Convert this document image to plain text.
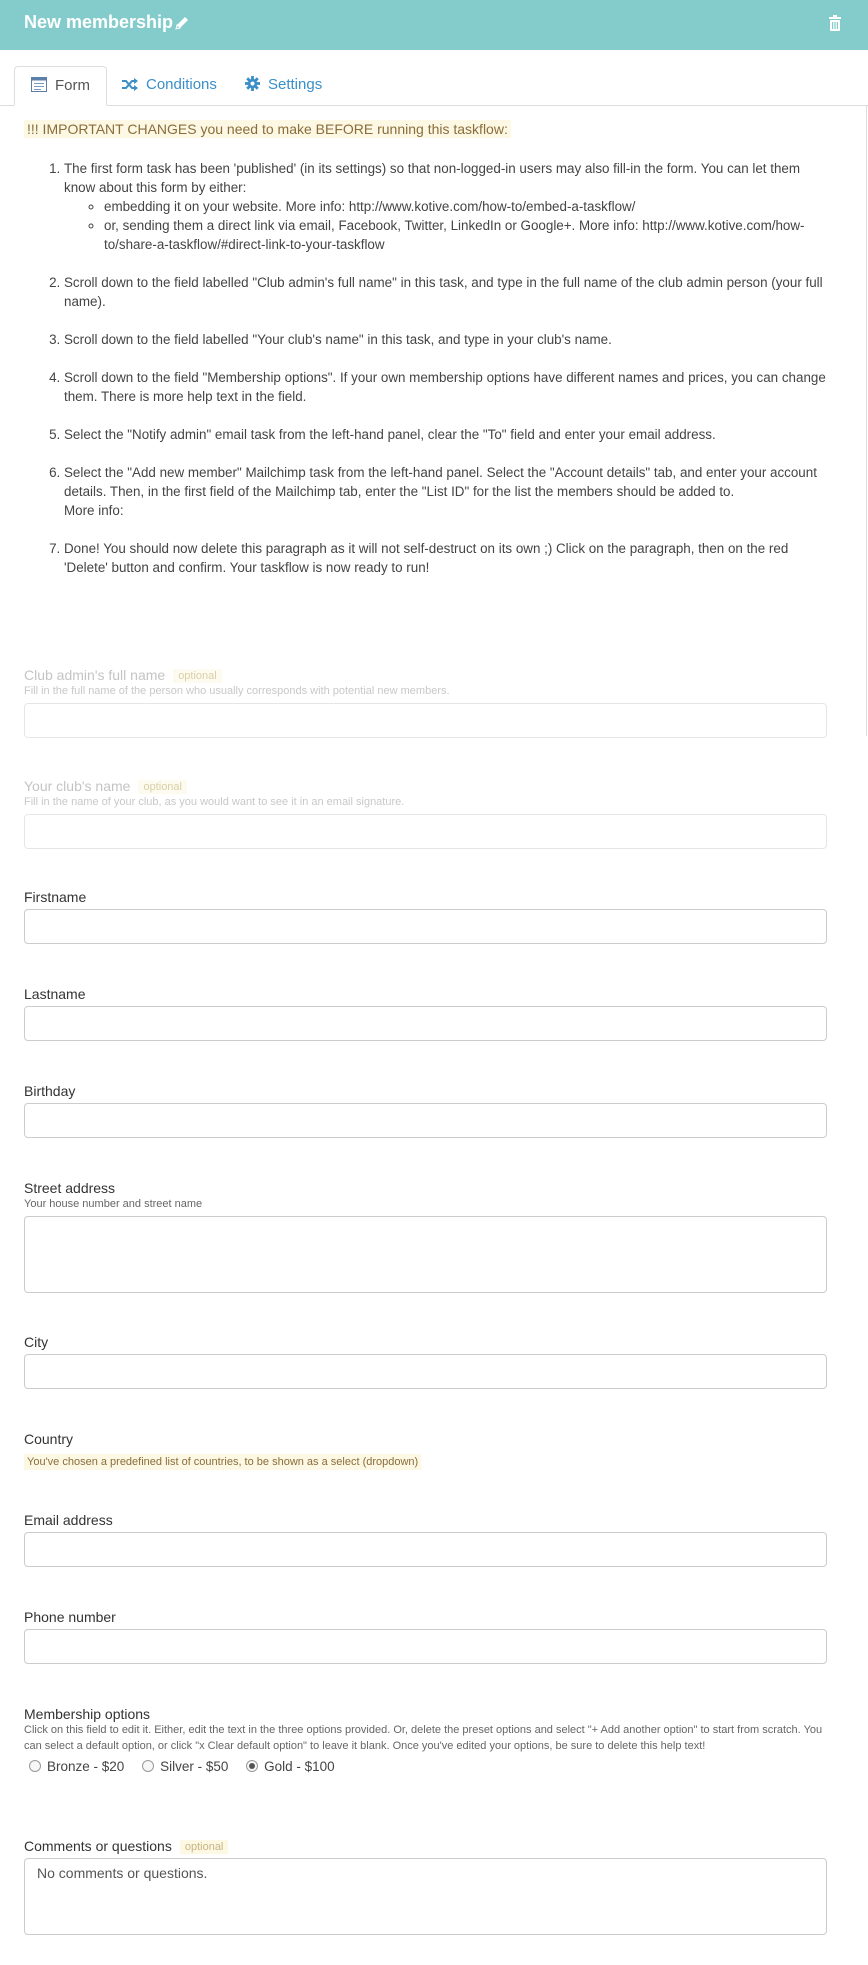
New membership
Form	Conditions	Settings
!!! IMPORTANT CHANGES you need to make BEFORE running this taskflow:
1. The first form task has been 'published' (in its settings) so that non-logged-in users may also fill-in the form. You can let them know about this form by either:
◦ embedding it on your website. More info: http://www.kotive.com/how-to/embed-a-taskflow/
◦ or, sending them a direct link via email, Facebook, Twitter, LinkedIn or Google+. More info: http://www.kotive.com/how-to/share-a-taskflow/#direct-link-to-your-taskflow
2. Scroll down to the field labelled "Club admin's full name" in this task, and type in the full name of the club admin person (your full name).
3. Scroll down to the field labelled "Your club's name" in this task, and type in your club's name.
4. Scroll down to the field "Membership options". If your own membership options have different names and prices, you can change them. There is more help text in the field.
5. Select the "Notify admin" email task from the left-hand panel, clear the "To" field and enter your email address.
6. Select the "Add new member" Mailchimp task from the left-hand panel. Select the "Account details" tab, and enter your account details. Then, in the first field of the Mailchimp tab, enter the "List ID" for the list the members should be added to.
More info:
7. Done! You should now delete this paragraph as it will not self-destruct on its own ;) Click on the paragraph, then on the red 'Delete' button and confirm. Your taskflow is now ready to run!
Club admin's full name optional
Fill in the full name of the person who usually corresponds with potential new members.
Your club's name optional
Fill in the name of your club, as you would want to see it in an email signature.
Firstname
Lastname
Birthday
Street address
Your house number and street name
City
Country
You've chosen a predefined list of countries, to be shown as a select (dropdown)
Email address
Phone number
Membership options
Click on this field to edit it. Either, edit the text in the three options provided. Or, delete the preset options and select "+ Add another option" to start from scratch. You can select a default option, or click "x Clear default option" to leave it blank. Once you've edited your options, be sure to delete this help text!
Bronze - $20	Silver - $50	Gold - $100
Comments or questions optional
No comments or questions.
